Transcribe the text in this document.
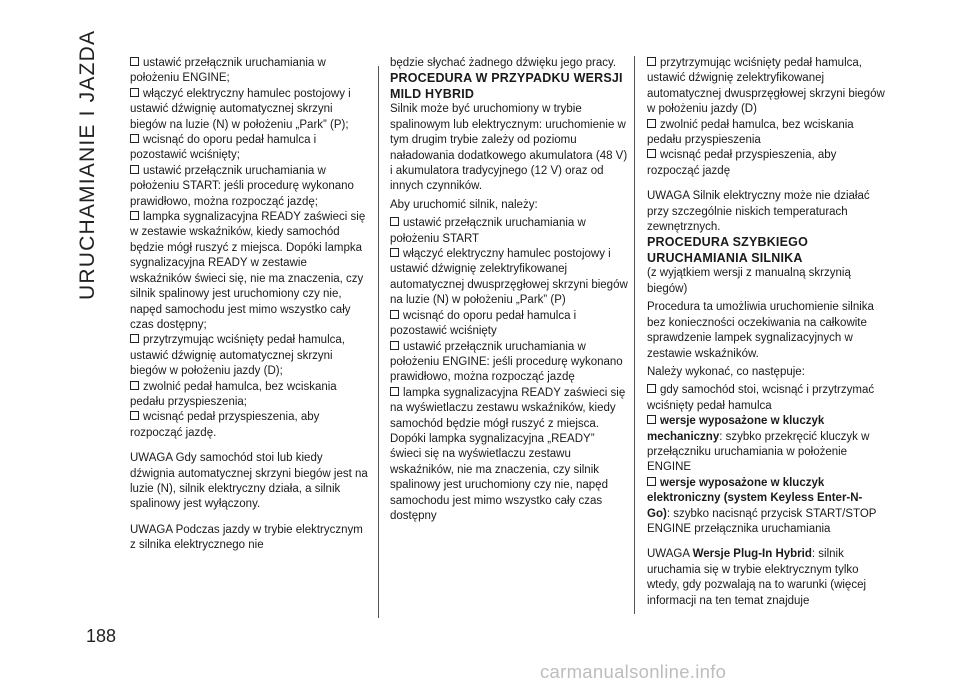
URUCHAMIANIE I JAZDA	ustawić przełącznik uruchamiania w położeniu ENGINE;

włączyć elektryczny hamulec postojowy i ustawić dźwignię automatycznej skrzyni biegów na luzie (N) w położeniu „Park” (P);

wcisnąć do oporu pedał hamulca i pozostawić wciśnięty;

ustawić przełącznik uruchamiania w położeniu START: jeśli procedurę wykonano prawidłowo, można rozpocząć jazdę;

lampka sygnalizacyjna READY zaświeci się w zestawie wskaźników, kiedy samochód będzie mógł ruszyć z miejsca. Dopóki lampka sygnalizacyjna READY w zestawie wskaźników świeci się, nie ma znaczenia, czy silnik spalinowy jest uruchomiony czy nie, napęd samochodu jest mimo wszystko cały czas dostępny;

przytrzymując wciśnięty pedał hamulca, ustawić dźwignię automatycznej skrzyni biegów w położeniu jazdy (D);

zwolnić pedał hamulca, bez wciskania pedału przyspieszenia;

wcisnąć pedał przyspieszenia, aby rozpocząć jazdę.

UWAGA Gdy samochód stoi lub kiedy dźwignia automatycznej skrzyni biegów jest na luzie (N), silnik elektryczny działa, a silnik spalinowy jest wyłączony.

UWAGA Podczas jazdy w trybie elektrycznym z silnika elektrycznego nie

będzie słychać żadnego dźwięku jego pracy.

PROCEDURA W PRZYPADKU WERSJI MILD HYBRID

Silnik może być uruchomiony w trybie spalinowym lub elektrycznym: uruchomienie w tym drugim trybie zależy od poziomu naładowania dodatkowego akumulatora (48 V) i akumulatora tradycyjnego (12 V) oraz od innych czynników.

Aby uruchomić silnik, należy:

ustawić przełącznik uruchamiania w położeniu START

włączyć elektryczny hamulec postojowy i ustawić dźwignię zelektryfikowanej automatycznej dwusprzęgłowej skrzyni biegów na luzie (N) w położeniu „Park” (P)

wcisnąć do oporu pedał hamulca i pozostawić wciśnięty

ustawić przełącznik uruchamiania w położeniu ENGINE: jeśli procedurę wykonano prawidłowo, można rozpocząć jazdę

lampka sygnalizacyjna READY zaświeci się na wyświetlaczu zestawu wskaźników, kiedy samochód będzie mógł ruszyć z miejsca. Dopóki lampka sygnalizacyjna „READY” świeci się na wyświetlaczu zestawu wskaźników, nie ma znaczenia, czy silnik spalinowy jest uruchomiony czy nie, napęd samochodu jest mimo wszystko cały czas dostępny

przytrzymując wciśnięty pedał hamulca, ustawić dźwignię zelektryfikowanej automatycznej dwusprzęgłowej skrzyni biegów w położeniu jazdy (D)

zwolnić pedał hamulca, bez wciskania pedału przyspieszenia

wcisnąć pedał przyspieszenia, aby rozpocząć jazdę

UWAGA Silnik elektryczny może nie działać przy szczególnie niskich temperaturach zewnętrznych.

PROCEDURA SZYBKIEGO URUCHAMIANIA SILNIKA

(z wyjątkiem wersji z manualną skrzynią biegów)

Procedura ta umożliwia uruchomienie silnika bez konieczności oczekiwania na całkowite sprawdzenie lampek sygnalizacyjnych w zestawie wskaźników.

Należy wykonać, co następuje:

gdy samochód stoi, wcisnąć i przytrzymać wciśnięty pedał hamulca

wersje wyposażone w kluczyk mechaniczny: szybko przekręcić kluczyk w przełączniku uruchamiania w położenie ENGINE

wersje wyposażone w kluczyk elektroniczny (system Keyless Enter-N-Go): szybko nacisnąć przycisk START/STOP ENGINE przełącznika uruchamiania

UWAGA Wersje Plug-In Hybrid: silnik uruchamia się w trybie elektrycznym tylko wtedy, gdy pozwalają na to warunki (więcej informacji na ten temat znajduje

188
carmanualsonline.info
